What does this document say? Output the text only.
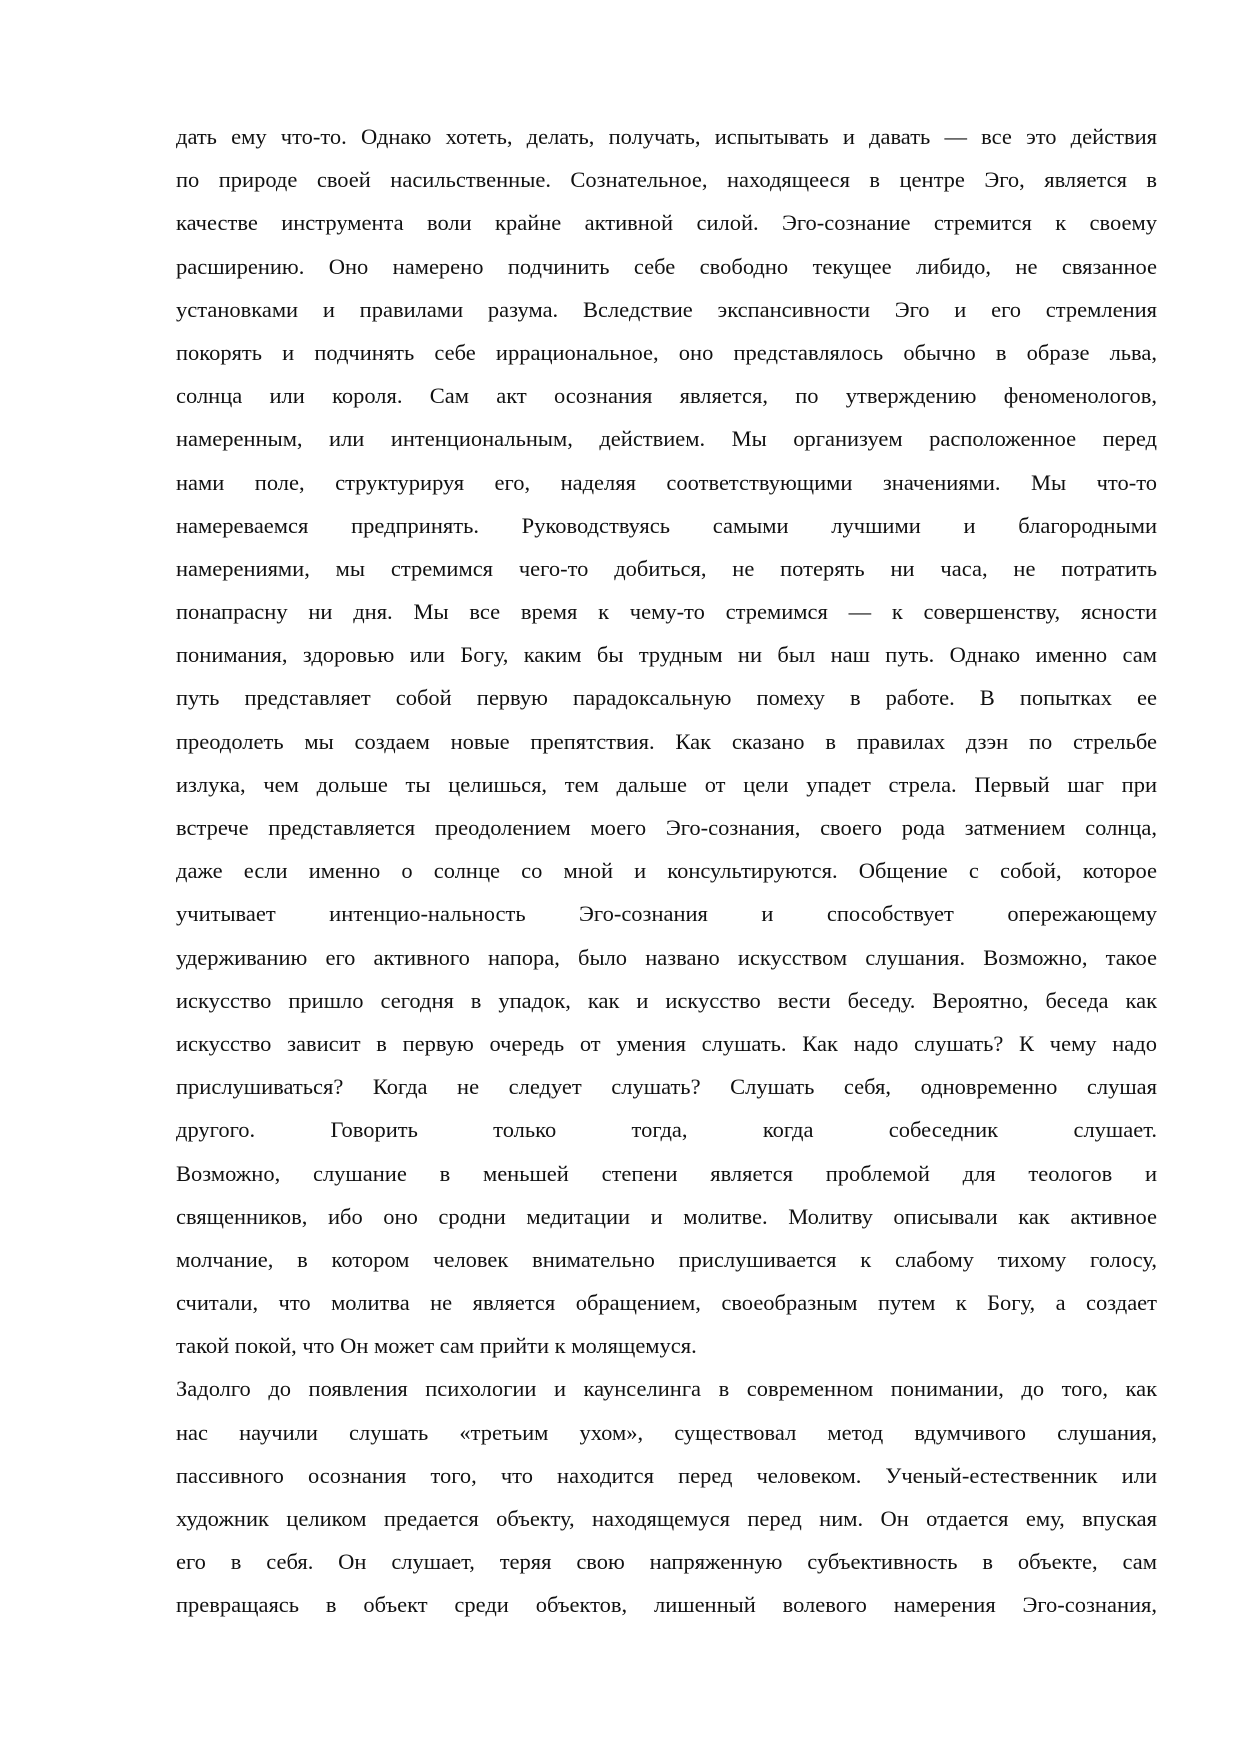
дать ему что-то. Однако хотеть, делать, получать, испытывать и давать — все это действия
по природе своей насильственные. Сознательное, находящееся в центре Эго, является в
качестве инструмента воли крайне активной силой. Эго-сознание стремится к своему
расширению. Оно намерено подчинить себе свободно текущее либидо, не связанное
установками и правилами разума. Вследствие экспансивности Эго и его стремления
покорять и подчинять себе иррациональное, оно представлялось обычно в образе льва,
солнца или короля. Сам акт осознания является, по утверждению феноменологов,
намеренным, или интенциональным, действием. Мы организуем расположенное перед
нами поле, структурируя его, наделяя соответствующими значениями. Мы что-то
намереваемся предпринять. Руководствуясь самыми лучшими и благородными
намерениями, мы стремимся чего-то добиться, не потерять ни часа, не потратить
понапрасну ни дня. Мы все время к чему-то стремимся — к совершенству, ясности
понимания, здоровью или Богу, каким бы трудным ни был наш путь. Однако именно сам
путь представляет собой первую парадоксальную помеху в работе. В попытках ее
преодолеть мы создаем новые препятствия. Как сказано в правилах дзэн по стрельбе
излука, чем дольше ты целишься, тем дальше от цели упадет стрела. Первый шаг при
встрече представляется преодолением моего Эго-сознания, своего рода затмением солнца,
даже если именно о солнце со мной и консультируются. Общение с собой, которое
учитывает интенцио-нальность Эго-сознания и способствует опережающему
удерживанию его активного напора, было названо искусством слушания. Возможно, такое
искусство пришло сегодня в упадок, как и искусство вести беседу. Вероятно, беседа как
искусство зависит в первую очередь от умения слушать. Как надо слушать? К чему надо
прислушиваться? Когда не следует слушать? Слушать себя, одновременно слушая
другого. Говорить только тогда, когда собеседник слушает.
Возможно, слушание в меньшей степени является проблемой для теологов и
священников, ибо оно сродни медитации и молитве. Молитву описывали как активное
молчание, в котором человек внимательно прислушивается к слабому тихому голосу,
считали, что молитва не является обращением, своеобразным путем к Богу, а создает
такой покой, что Он может сам прийти к молящемуся.
Задолго до появления психологии и каунселинга в современном понимании, до того, как
нас научили слушать «третьим ухом», существовал метод вдумчивого слушания,
пассивного осознания того, что находится перед человеком. Ученый-естественник или
художник целиком предается объекту, находящемуся перед ним. Он отдается ему, впуская
его в себя. Он слушает, теряя свою напряженную субъективность в объекте, сам
превращаясь в объект среди объектов, лишенный волевого намерения Эго-сознания,
